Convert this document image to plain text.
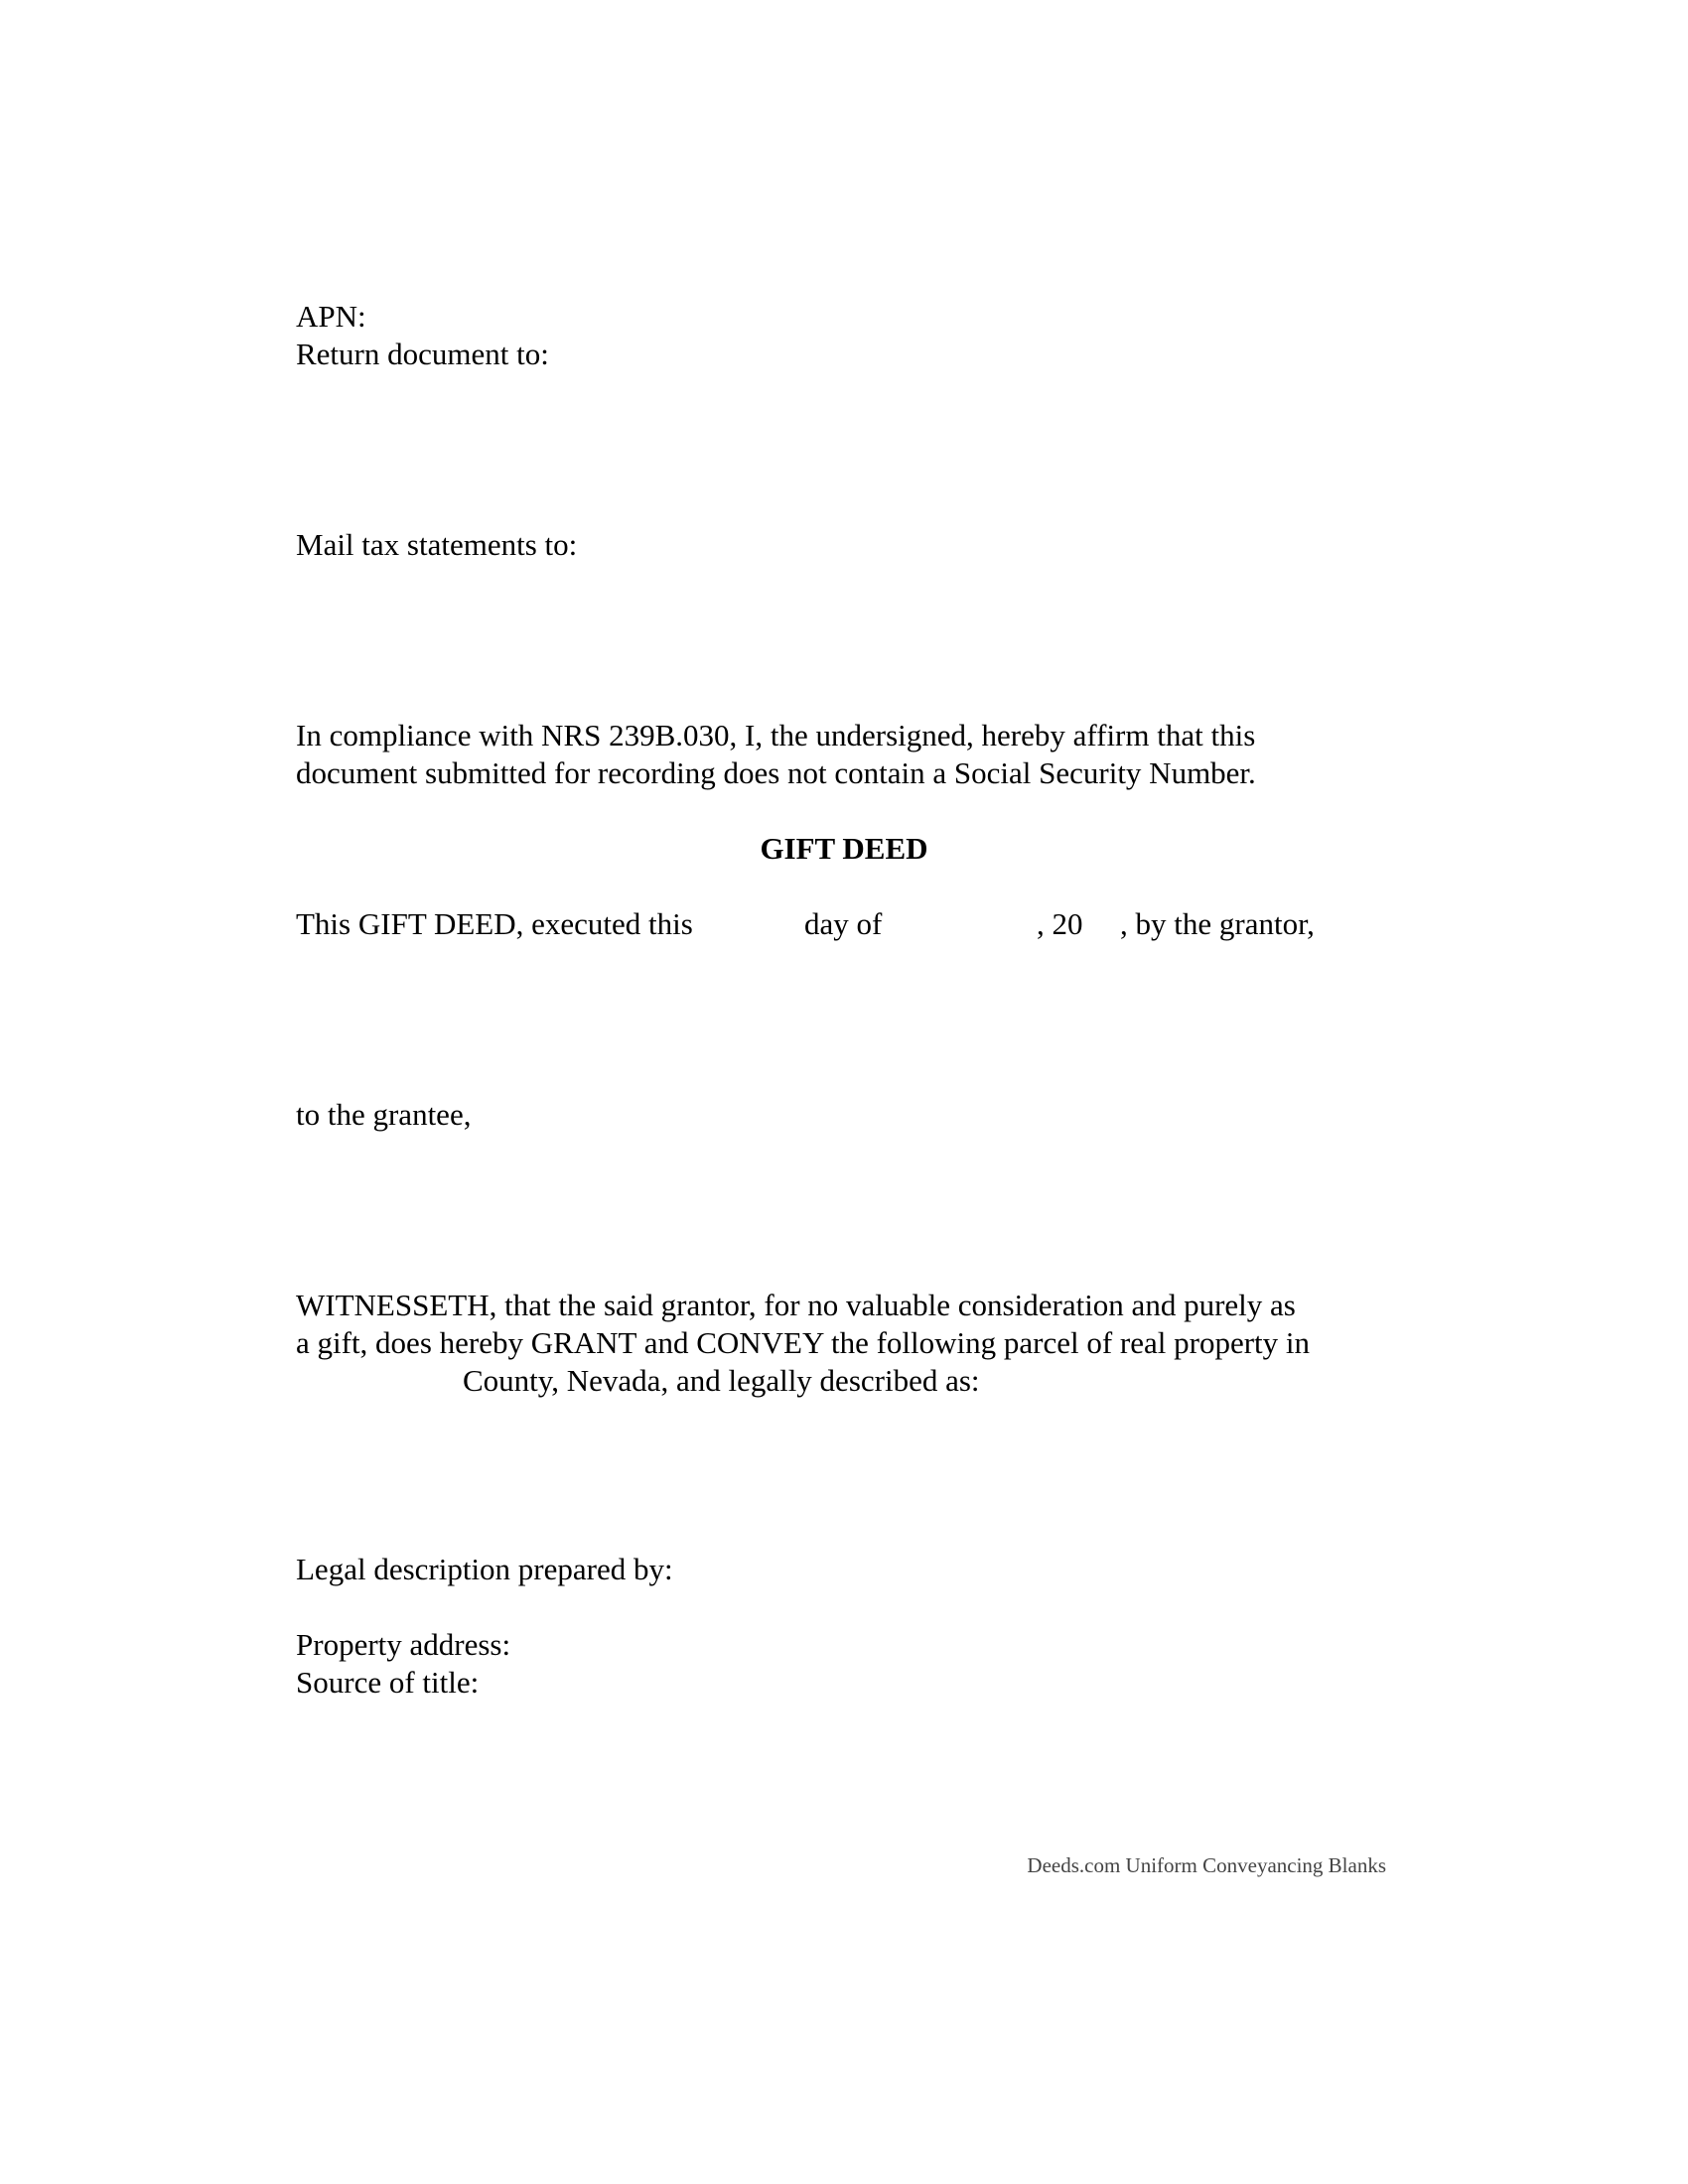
APN:
Return document to:
Mail tax statements to:
In compliance with NRS 239B.030, I, the undersigned, hereby affirm that this
document submitted for recording does not contain a Social Security Number.
GIFT DEED
This GIFT DEED, executed this	day of	, 20 , by the grantor,
to the grantee,
WITNESSETH, that the said grantor, for no valuable consideration and purely as
a gift, does hereby GRANT and CONVEY the following parcel of real property in
County, Nevada, and legally described as:
Legal description prepared by:
Property address:
Source of title:
Deeds.com Uniform Conveyancing Blanks
